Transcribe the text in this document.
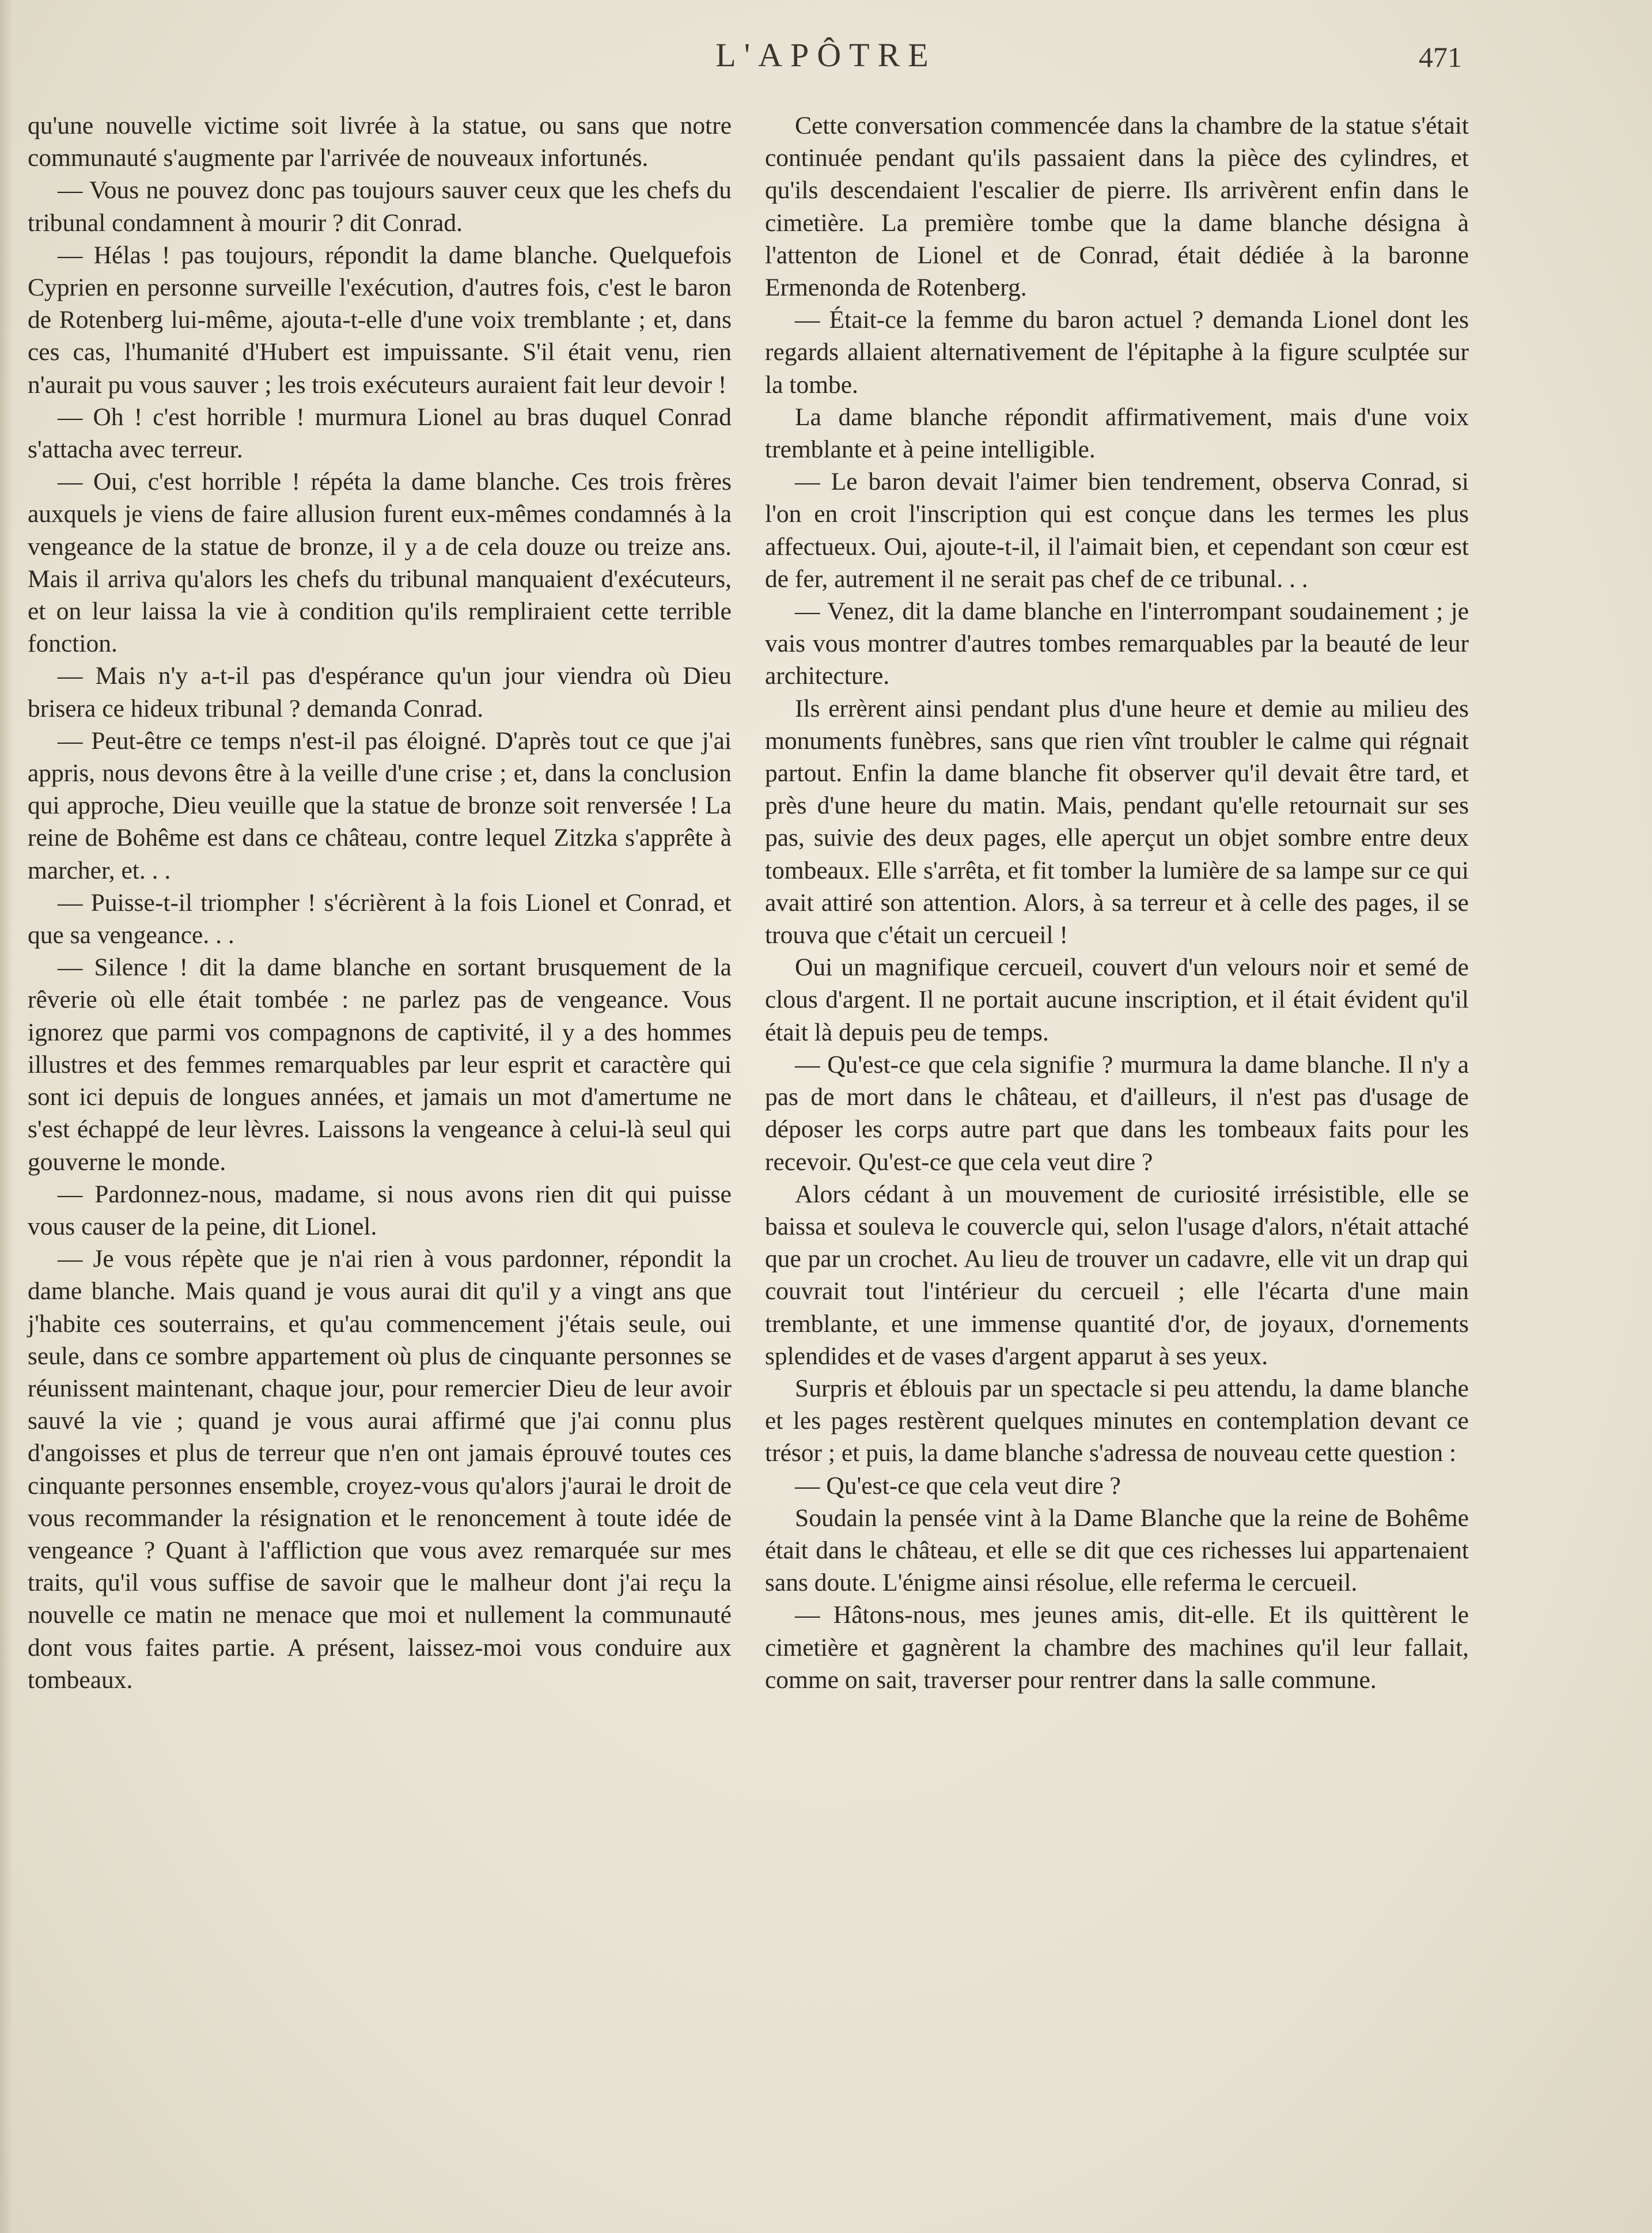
L'APÔTRE	471

qu'une nouvelle victime soit livrée à la statue, ou sans que notre communauté s'augmente par l'arrivée de nouveaux infortunés.

— Vous ne pouvez donc pas toujours sauver ceux que les chefs du tribunal condamnent à mourir ? dit Conrad.

— Hélas ! pas toujours, répondit la dame blanche. Quelquefois Cyprien en personne surveille l'exécution, d'autres fois, c'est le baron de Rotenberg lui-même, ajouta-t-elle d'une voix tremblante ; et, dans ces cas, l'humanité d'Hubert est impuissante. S'il était venu, rien n'aurait pu vous sauver ; les trois exécuteurs auraient fait leur devoir !

— Oh ! c'est horrible ! murmura Lionel au bras duquel Conrad s'attacha avec terreur.

— Oui, c'est horrible ! répéta la dame blanche. Ces trois frères auxquels je viens de faire allusion furent eux-mêmes condamnés à la vengeance de la statue de bronze, il y a de cela douze ou treize ans. Mais il arriva qu'alors les chefs du tribunal manquaient d'exécuteurs, et on leur laissa la vie à condition qu'ils rempliraient cette terrible fonction.

— Mais n'y a-t-il pas d'espérance qu'un jour viendra où Dieu brisera ce hideux tribunal ? demanda Conrad.

— Peut-être ce temps n'est-il pas éloigné. D'après tout ce que j'ai appris, nous devons être à la veille d'une crise ; et, dans la conclusion qui approche, Dieu veuille que la statue de bronze soit renversée ! La reine de Bohême est dans ce château, contre lequel Zitzka s'apprête à marcher, et. . .

— Puisse-t-il triompher ! s'écrièrent à la fois Lionel et Conrad, et que sa vengeance. . .

— Silence ! dit la dame blanche en sortant brusquement de la rêverie où elle était tombée : ne parlez pas de vengeance. Vous ignorez que parmi vos compagnons de captivité, il y a des hommes illustres et des femmes remarquables par leur esprit et caractère qui sont ici depuis de longues années, et jamais un mot d'amertume ne s'est échappé de leur lèvres. Laissons la vengeance à celui-là seul qui gouverne le monde.

— Pardonnez-nous, madame, si nous avons rien dit qui puisse vous causer de la peine, dit Lionel.

— Je vous répète que je n'ai rien à vous pardonner, répondit la dame blanche. Mais quand je vous aurai dit qu'il y a vingt ans que j'habite ces souterrains, et qu'au commencement j'étais seule, oui seule, dans ce sombre appartement où plus de cinquante personnes se réunissent maintenant, chaque jour, pour remercier Dieu de leur avoir sauvé la vie ; quand je vous aurai affirmé que j'ai connu plus d'angoisses et plus de terreur que n'en ont jamais éprouvé toutes ces cinquante personnes ensemble, croyez-vous qu'alors j'aurai le droit de vous recommander la résignation et le renoncement à toute idée de vengeance ? Quant à l'affliction que vous avez remarquée sur mes traits, qu'il vous suffise de savoir que le malheur dont j'ai reçu la nouvelle ce matin ne menace que moi et nullement la communauté dont vous faites partie. A présent, laissez-moi vous conduire aux tombeaux.

Cette conversation commencée dans la chambre de la statue s'était continuée pendant qu'ils passaient dans la pièce des cylindres, et qu'ils descendaient l'escalier de pierre. Ils arrivèrent enfin dans le cimetière. La première tombe que la dame blanche désigna à l'attenton de Lionel et de Conrad, était dédiée à la baronne Ermenonda de Rotenberg.

— Était-ce la femme du baron actuel ? demanda Lionel dont les regards allaient alternativement de l'épitaphe à la figure sculptée sur la tombe.

La dame blanche répondit affirmativement, mais d'une voix tremblante et à peine intelligible.

— Le baron devait l'aimer bien tendrement, observa Conrad, si l'on en croit l'inscription qui est conçue dans les termes les plus affectueux. Oui, ajoute-t-il, il l'aimait bien, et cependant son cœur est de fer, autrement il ne serait pas chef de ce tribunal. . .

— Venez, dit la dame blanche en l'interrompant soudainement ; je vais vous montrer d'autres tombes remarquables par la beauté de leur architecture.

Ils errèrent ainsi pendant plus d'une heure et demie au milieu des monuments funèbres, sans que rien vînt troubler le calme qui régnait partout. Enfin la dame blanche fit observer qu'il devait être tard, et près d'une heure du matin. Mais, pendant qu'elle retournait sur ses pas, suivie des deux pages, elle aperçut un objet sombre entre deux tombeaux. Elle s'arrêta, et fit tomber la lumière de sa lampe sur ce qui avait attiré son attention. Alors, à sa terreur et à celle des pages, il se trouva que c'était un cercueil !

Oui un magnifique cercueil, couvert d'un velours noir et semé de clous d'argent. Il ne portait aucune inscription, et il était évident qu'il était là depuis peu de temps.

— Qu'est-ce que cela signifie ? murmura la dame blanche. Il n'y a pas de mort dans le château, et d'ailleurs, il n'est pas d'usage de déposer les corps autre part que dans les tombeaux faits pour les recevoir. Qu'est-ce que cela veut dire ?

Alors cédant à un mouvement de curiosité irrésistible, elle se baissa et souleva le couvercle qui, selon l'usage d'alors, n'était attaché que par un crochet. Au lieu de trouver un cadavre, elle vit un drap qui couvrait tout l'intérieur du cercueil ; elle l'écarta d'une main tremblante, et une immense quantité d'or, de joyaux, d'ornements splendides et de vases d'argent apparut à ses yeux.

Surpris et éblouis par un spectacle si peu attendu, la dame blanche et les pages restèrent quelques minutes en contemplation devant ce trésor ; et puis, la dame blanche s'adressa de nouveau cette question :

— Qu'est-ce que cela veut dire ?

Soudain la pensée vint à la Dame Blanche que la reine de Bohême était dans le château, et elle se dit que ces richesses lui appartenaient sans doute. L'énigme ainsi résolue, elle referma le cercueil.

— Hâtons-nous, mes jeunes amis, dit-elle. Et ils quittèrent le cimetière et gagnèrent la chambre des machines qu'il leur fallait, comme on sait, traverser pour rentrer dans la salle commune.
